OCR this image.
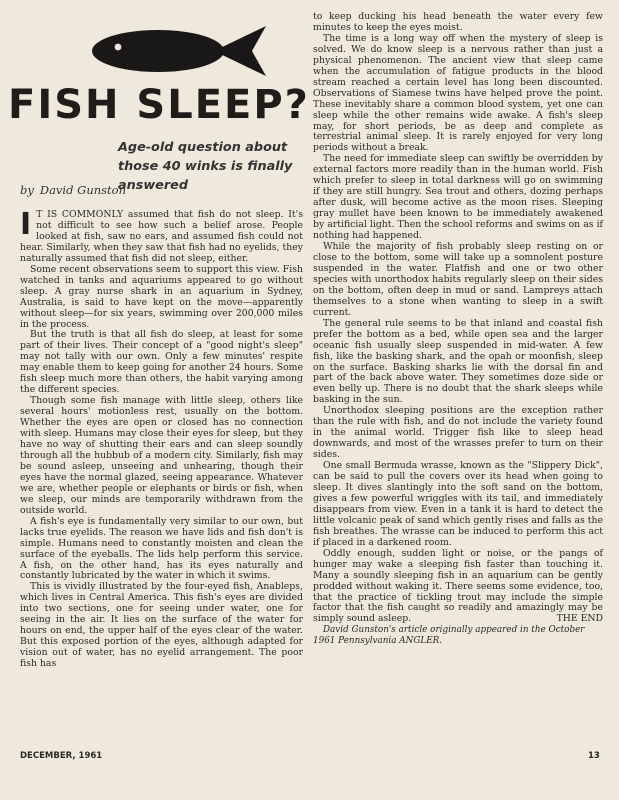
FISH SLEEP?
Age-old question about those 40 winks is finally answered
by David Gunston

I T IS COMMONLY assumed that fish do not sleep. It's not difficult to see how such a belief arose. People looked at fish, saw no ears, and assumed fish could not hear. Similarly, when they saw that fish had no eyelids, they naturally assumed that fish did not sleep, either.

Some recent observations seem to support this view. Fish watched in tanks and aquariums appeared to go without sleep. A gray nurse shark in an aquarium in Sydney, Australia, is said to have kept on the move—apparently without sleep—for six years, swimming over 200,000 miles in the process.

But the truth is that all fish do sleep, at least for some part of their lives. Their concept of a "good night's sleep" may not tally with our own. Only a few minutes' respite may enable them to keep going for another 24 hours. Some fish sleep much more than others, the habit varying among the different species.

Though some fish manage with little sleep, others like several hours' motionless rest, usually on the bottom. Whether the eyes are open or closed has no connection with sleep. Humans may close their eyes for sleep, but they have no way of shutting their ears and can sleep soundly through all the hubbub of a modern city. Similarly, fish may be sound asleep, unseeing and unhearing, though their eyes have the normal glazed, seeing appearance. Whatever we are, whether people or elephants or birds or fish, when we sleep, our minds are temporarily withdrawn from the outside world.

A fish's eye is fundamentally very similar to our own, but lacks true eyelids. The reason we have lids and fish don't is simple. Humans need to constantly moisten and clean the surface of the eyeballs. The lids help perform this service. A fish, on the other hand, has its eyes naturally and constantly lubricated by the water in which it swims.

This is vividly illustrated by the four-eyed fish, Anableps, which lives in Central America. This fish's eyes are divided into two sections, one for seeing under water, one for seeing in the air. It lies on the surface of the water for hours on end, the upper half of the eyes clear of the water. But this exposed portion of the eyes, although adapted for vision out of water, has no eyelid arrangement. The poor fish has

to keep ducking his head beneath the water every few minutes to keep the eyes moist.

The time is a long way off when the mystery of sleep is solved. We do know sleep is a nervous rather than just a physical phenomenon. The ancient view that sleep came when the accumulation of fatigue products in the blood stream reached a certain level has long been discounted. Observations of Siamese twins have helped prove the point. These inevitably share a common blood system, yet one can sleep while the other remains wide awake. A fish's sleep may, for short periods, be as deep and complete as terrestrial animal sleep. It is rarely enjoyed for very long periods without a break.

The need for immediate sleep can swiftly be overridden by external factors more readily than in the human world. Fish which prefer to sleep in total darkness will go on swimming if they are still hungry. Sea trout and others, dozing perhaps after dusk, will become active as the moon rises. Sleeping gray mullet have been known to be immediately awakened by artificial light. Then the school reforms and swims on as if nothing had happened.

While the majority of fish probably sleep resting on or close to the bottom, some will take up a somnolent posture suspended in the water. Flatfish and one or two other species with unorthodox habits regularly sleep on their sides on the bottom, often deep in mud or sand. Lampreys attach themselves to a stone when wanting to sleep in a swift current.

The general rule seems to be that inland and coastal fish prefer the bottom as a bed, while open sea and the larger oceanic fish usually sleep suspended in mid-water. A few fish, like the basking shark, and the opah or moonfish, sleep on the surface. Basking sharks lie with the dorsal fin and part of the back above water. They sometimes doze side or even belly up. There is no doubt that the shark sleeps while basking in the sun.

Unorthodox sleeping positions are the exception rather than the rule with fish, and do not include the variety found in the animal world. Trigger fish like to sleep head downwards, and most of the wrasses prefer to turn on their sides.

One small Bermuda wrasse, known as the "Slippery Dick", can be said to pull the covers over its head when going to sleep. It dives slantingly into the soft sand on the bottom, gives a few powerful wriggles with its tail, and immediately disappears from view. Even in a tank it is hard to detect the little volcanic peak of sand which gently rises and falls as the fish breathes. The wrasse can be induced to perform this act if placed in a darkened room.

Oddly enough, sudden light or noise, or the pangs of hunger may wake a sleeping fish faster than touching it. Many a soundly sleeping fish in an aquarium can be gently prodded without waking it. There seems some evidence, too, that the practice of tickling trout may include the simple factor that the fish caught so readily and amazingly may be simply sound asleep.	THE END

David Gunston's article originally appeared in the October 1961 Pennsylvania ANGLER.

DECEMBER, 1961	13
